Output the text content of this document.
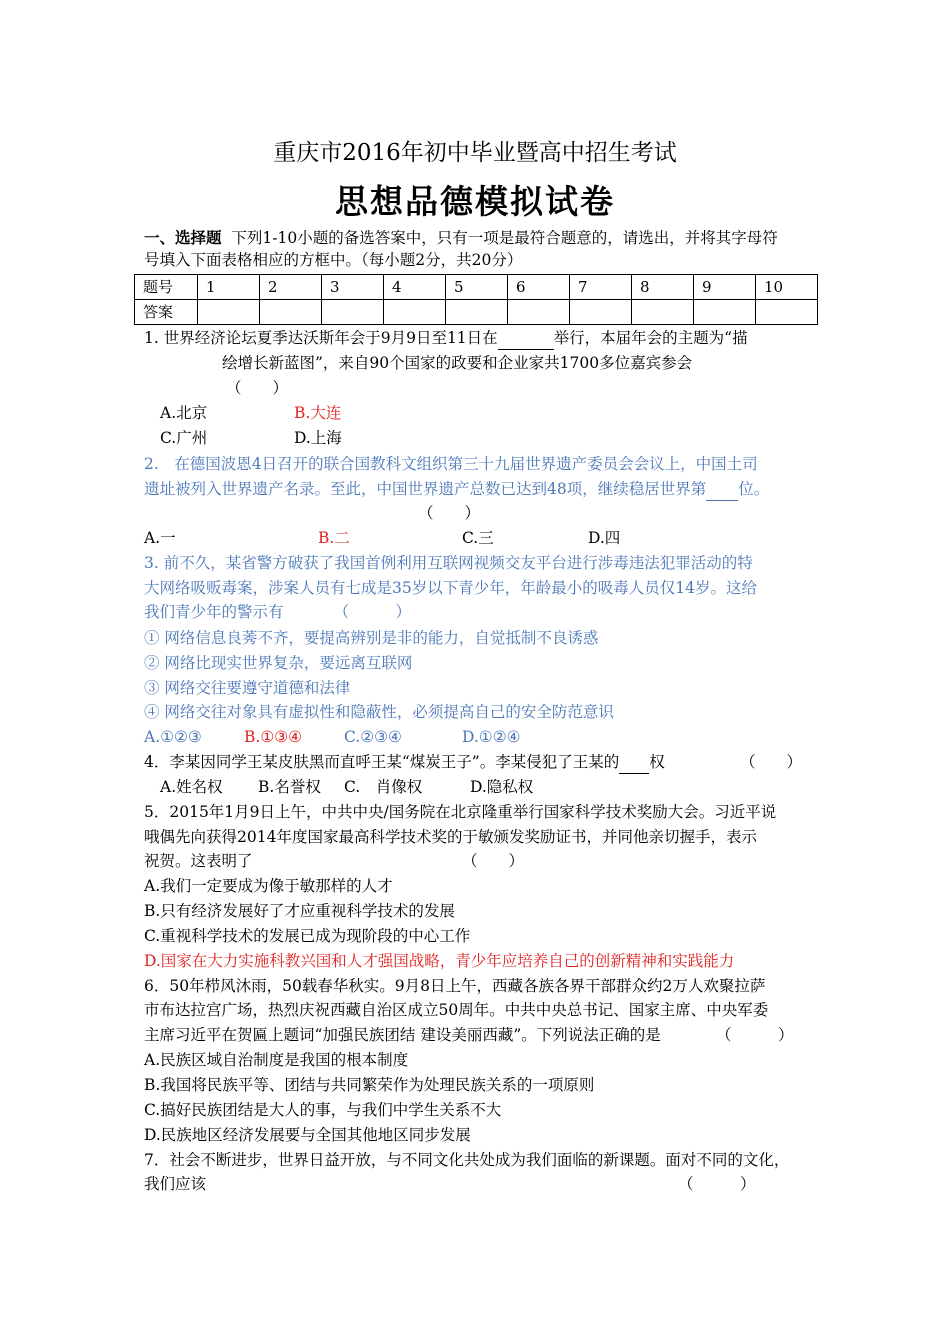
重庆市2016年初中毕业暨高中招生考试
思想品德模拟试卷
一、选择题 下列1-10小题的备选答案中，只有一项是最符合题意的，请选出，并将其字母符
号填入下面表格相应的方框中。（每小题2分，共20分）
题号	1	2	3	4	5	6	7	8	9	10
答案										
1. 世界经济论坛夏季达沃斯年会于9月9日至11日在	举行，本届年会的主题为“描
绘增长新蓝图”，来自90个国家的政要和企业家共1700多位嘉宾参会
（　　）
A.北京	B.大连
C.广州	D.上海
2.　在德国波恩4日召开的联合国教科文组织第三十九届世界遗产委员会会议上，中国土司
遗址被列入世界遗产名录。至此，中国世界遗产总数已达到48项，继续稳居世界第 位。
（　　）
A.一	B.二	C.三	D.四
3. 前不久，某省警方破获了我国首例利用互联网视频交友平台进行涉毒违法犯罪活动的特
大网络吸贩毒案，涉案人员有七成是35岁以下青少年，年龄最小的吸毒人员仅14岁。这给
我们青少年的警示有	（　　　）
① 网络信息良莠不齐，要提高辨别是非的能力，自觉抵制不良诱惑
② 网络比现实世界复杂，要远离互联网
③ 网络交往要遵守道德和法律
④ 网络交往对象具有虚拟性和隐蔽性，必须提高自己的安全防范意识
A.①②③	B.①③④	C.②③④	D.①②④
4．李某因同学王某皮肤黑而直呼王某“煤炭王子”。李某侵犯了王某的 权	（　　）
A.姓名权 B.名誉权 C.　肖像权	D.隐私权
5．2015年1月9日上午，中共中央/国务院在北京隆重举行国家科学技术奖励大会。习近平说
哦偶先向获得2014年度国家最高科学技术奖的于敏颁发奖励证书，并同他亲切握手，表示
祝贺。这表明了	（　　）
A.我们一定要成为像于敏那样的人才
B.只有经济发展好了才应重视科学技术的发展
C.重视科学技术的发展已成为现阶段的中心工作
D.国家在大力实施科教兴国和人才强国战略，青少年应培养自己的创新精神和实践能力
6．50年栉风沐雨，50载春华秋实。9月8日上午，西藏各族各界干部群众约2万人欢聚拉萨
市布达拉宫广场，热烈庆祝西藏自治区成立50周年。中共中央总书记、国家主席、中央军委
主席习近平在贺匾上题词“加强民族团结 建设美丽西藏”。下列说法正确的是	（　　　）
A.民族区域自治制度是我国的根本制度
B.我国将民族平等、团结与共同繁荣作为处理民族关系的一项原则
C.搞好民族团结是大人的事，与我们中学生关系不大
D.民族地区经济发展要与全国其他地区同步发展
7．社会不断进步，世界日益开放，与不同文化共处成为我们面临的新课题。面对不同的文化，
我们应该	（　　　）
